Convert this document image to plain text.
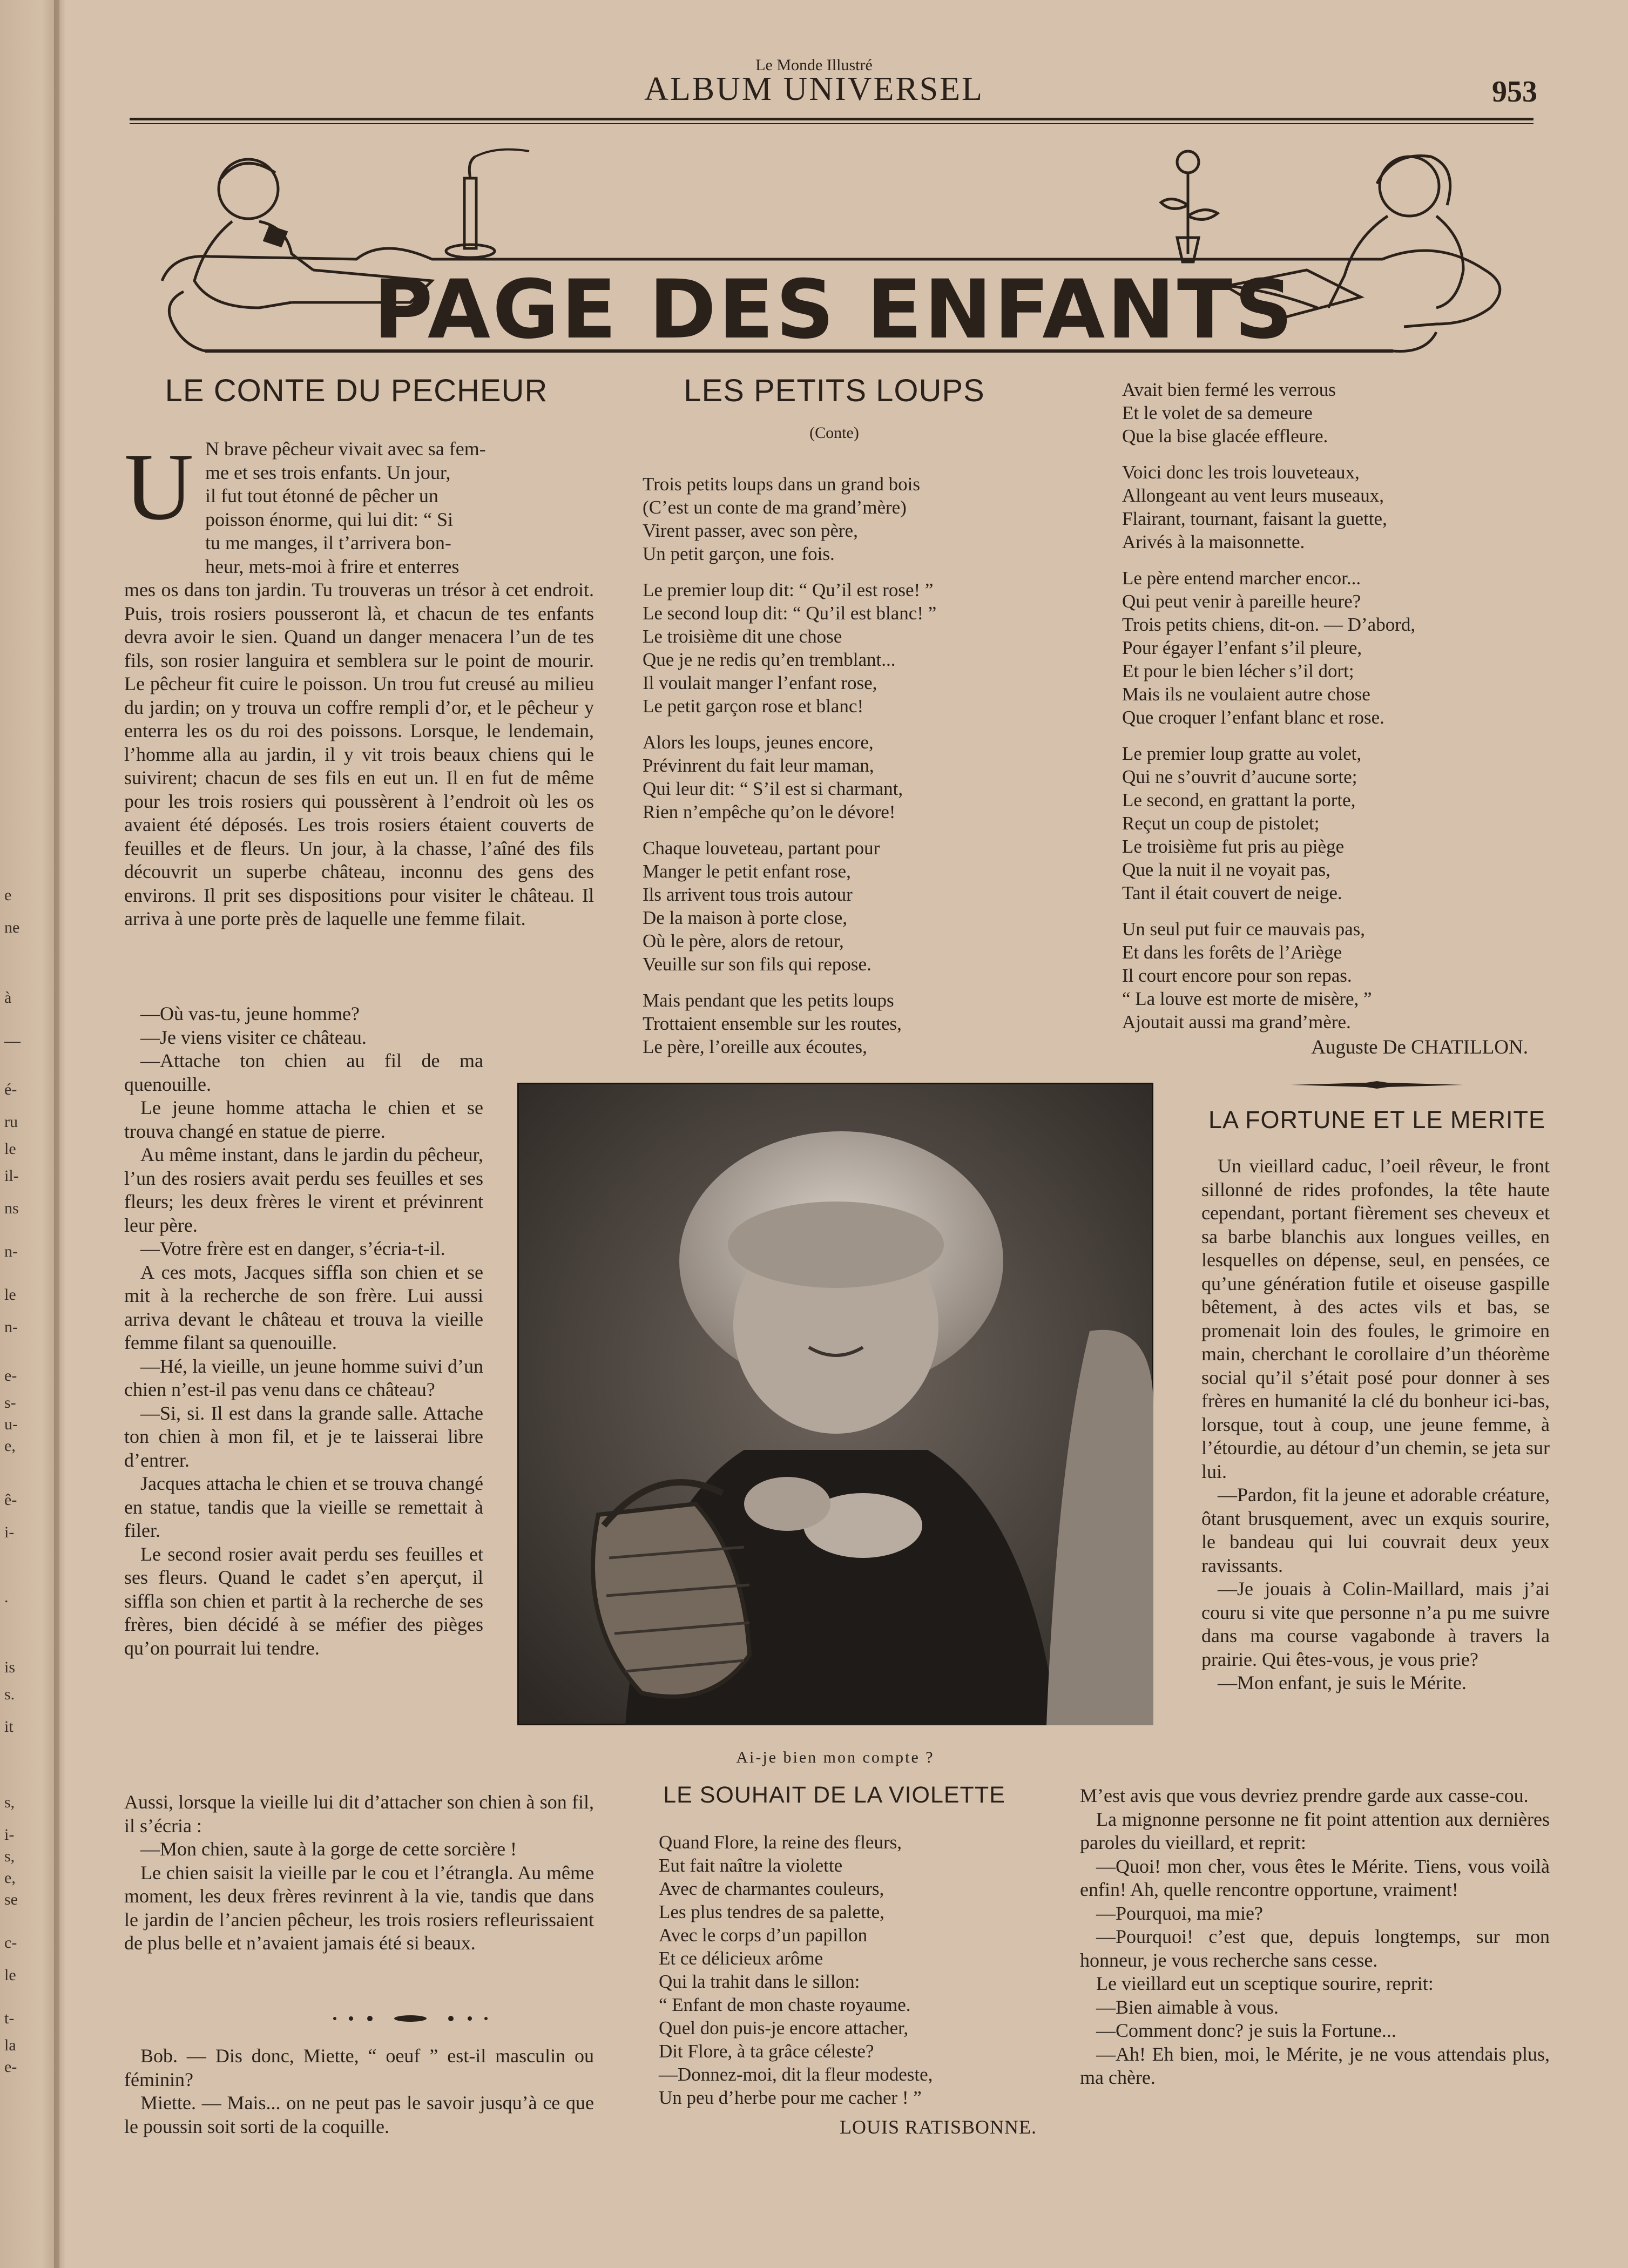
e
ne
à
—
é-
ru
le
il-
ns
n-
le
n-
e-
s-
u-
e,
ê-
i-
.
is
s.
it
s,
i-
s,
e,
se
c-
le
t-
la
e-
Le Monde Illustré
ALBUM UNIVERSEL	953
PAGE DES ENFANTS
LE CONTE DU PECHEUR
U N brave pêcheur vivait avec sa fem-
me et ses trois enfants. Un jour,
il fut tout étonné de pêcher un
poisson énorme, qui lui dit: “ Si
tu me manges, il t’arrivera bon-
heur, mets-moi à frire et enterres

mes os dans ton jardin. Tu trouveras un trésor à cet endroit. Puis, trois rosiers pousseront là, et chacun de tes enfants devra avoir le sien. Quand un danger menacera l’un de tes fils, son rosier languira et semblera sur le point de mourir. Le pêcheur fit cuire le poisson. Un trou fut creusé au milieu du jardin; on y trouva un coffre rempli d’or, et le pêcheur y enterra les os du roi des poissons. Lorsque, le lendemain, l’homme alla au jardin, il y vit trois beaux chiens qui le suivirent; chacun de ses fils en eut un. Il en fut de même pour les trois rosiers qui poussèrent à l’endroit où les os avaient été déposés. Les trois rosiers étaient couverts de feuilles et de fleurs. Un jour, à la chasse, l’aîné des fils découvrit un superbe château, inconnu des gens des environs. Il prit ses dispositions pour visiter le château. Il arriva à une porte près de laquelle une femme filait.

—Où vas-tu, jeune homme?

—Je viens visiter ce château.

—Attache ton chien au fil de ma quenouille.

Le jeune homme attacha le chien et se trouva changé en statue de pierre.

Au même instant, dans le jardin du pêcheur, l’un des rosiers avait perdu ses feuilles et ses fleurs; les deux frères le virent et prévinrent leur père.

—Votre frère est en danger, s’écria-t-il.

A ces mots, Jacques siffla son chien et se mit à la recherche de son frère. Lui aussi arriva devant le château et trouva la vieille femme filant sa quenouille.

—Hé, la vieille, un jeune homme suivi d’un chien n’est-il pas venu dans ce château?

—Si, si. Il est dans la grande salle. Attache ton chien à mon fil, et je te laisserai libre d’entrer.

Jacques attacha le chien et se trouva changé en statue, tandis que la vieille se remettait à filer.

Le second rosier avait perdu ses feuilles et ses fleurs. Quand le cadet s’en aperçut, il siffla son chien et partit à la recherche de ses frères, bien décidé à se méfier des pièges qu’on pourrait lui tendre.

Aussi, lorsque la vieille lui dit d’attacher son chien à son fil, il s’écria :

—Mon chien, saute à la gorge de cette sorcière !

Le chien saisit la vieille par le cou et l’étrangla. Au même moment, les deux frères revinrent à la vie, tandis que dans le jardin de l’ancien pêcheur, les trois rosiers refleurissaient de plus belle et n’avaient jamais été si beaux.

Bob. — Dis donc, Miette, “ oeuf ” est-il masculin ou féminin?

Miette. — Mais... on ne peut pas le savoir jusqu’à ce que le poussin soit sorti de la coquille.

LES PETITS LOUPS
(Conte)
Trois petits loups dans un grand bois
(C’est un conte de ma grand’mère)
Virent passer, avec son père,
Un petit garçon, une fois.
Le premier loup dit: “ Qu’il est rose! ”
Le second loup dit: “ Qu’il est blanc! ”
Le troisième dit une chose
Que je ne redis qu’en tremblant...
Il voulait manger l’enfant rose,
Le petit garçon rose et blanc!
Alors les loups, jeunes encore,
Prévinrent du fait leur maman,
Qui leur dit: “ S’il est si charmant,
Rien n’empêche qu’on le dévore!
Chaque louveteau, partant pour
Manger le petit enfant rose,
Ils arrivent tous trois autour
De la maison à porte close,
Où le père, alors de retour,
Veuille sur son fils qui repose.
Mais pendant que les petits loups
Trottaient ensemble sur les routes,
Le père, l’oreille aux écoutes,
Avait bien fermé les verrous
Et le volet de sa demeure
Que la bise glacée effleure.
Voici donc les trois louveteaux,
Allongeant au vent leurs museaux,
Flairant, tournant, faisant la guette,
Arivés à la maisonnette.
Le père entend marcher encor...
Qui peut venir à pareille heure?
Trois petits chiens, dit-on. — D’abord,
Pour égayer l’enfant s’il pleure,
Et pour le bien lécher s’il dort;
Mais ils ne voulaient autre chose
Que croquer l’enfant blanc et rose.
Le premier loup gratte au volet,
Qui ne s’ouvrit d’aucune sorte;
Le second, en grattant la porte,
Reçut un coup de pistolet;
Le troisième fut pris au piège
Que la nuit il ne voyait pas,
Tant il était couvert de neige.
Un seul put fuir ce mauvais pas,
Et dans les forêts de l’Ariège
Il court encore pour son repas.
“ La louve est morte de misère, ”
Ajoutait aussi ma grand’mère.
Auguste De CHATILLON.
Ai-je bien mon compte ?
LE SOUHAIT DE LA VIOLETTE
Quand Flore, la reine des fleurs,
Eut fait naître la violette
Avec de charmantes couleurs,
Les plus tendres de sa palette,
Avec le corps d’un papillon
Et ce délicieux arôme
Qui la trahit dans le sillon:
“ Enfant de mon chaste royaume.
Quel don puis-je encore attacher,
Dit Flore, à ta grâce céleste?
—Donnez-moi, dit la fleur modeste,
Un peu d’herbe pour me cacher ! ”
LOUIS RATISBONNE.
LA FORTUNE ET LE MERITE

Un vieillard caduc, l’oeil rêveur, le front sillonné de rides profondes, la tête haute cependant, portant fièrement ses cheveux et sa barbe blanchis aux longues veilles, en lesquelles on dépense, seul, en pensées, ce qu’une génération futile et oiseuse gaspille bêtement, à des actes vils et bas, se promenait loin des foules, le grimoire en main, cherchant le corollaire d’un théorème social qu’il s’était posé pour donner à ses frères en humanité la clé du bonheur ici-bas, lorsque, tout à coup, une jeune femme, à l’étourdie, au détour d’un chemin, se jeta sur lui.

—Pardon, fit la jeune et adorable créature, ôtant brusquement, avec un exquis sourire, le bandeau qui lui couvrait deux yeux ravissants.

—Je jouais à Colin-Maillard, mais j’ai couru si vite que personne n’a pu me suivre dans ma course vagabonde à travers la prairie. Qui êtes-vous, je vous prie?

—Mon enfant, je suis le Mérite.

M’est avis que vous devriez prendre garde aux casse-cou.

La mignonne personne ne fit point attention aux dernières paroles du vieillard, et reprit:

—Quoi! mon cher, vous êtes le Mérite. Tiens, vous voilà enfin! Ah, quelle rencontre opportune, vraiment!

—Pourquoi, ma mie?

—Pourquoi! c’est que, depuis longtemps, sur mon honneur, je vous recherche sans cesse.

Le vieillard eut un sceptique sourire, reprit:

—Bien aimable à vous.

—Comment donc? je suis la Fortune...

—Ah! Eh bien, moi, le Mérite, je ne vous attendais plus, ma chère.
